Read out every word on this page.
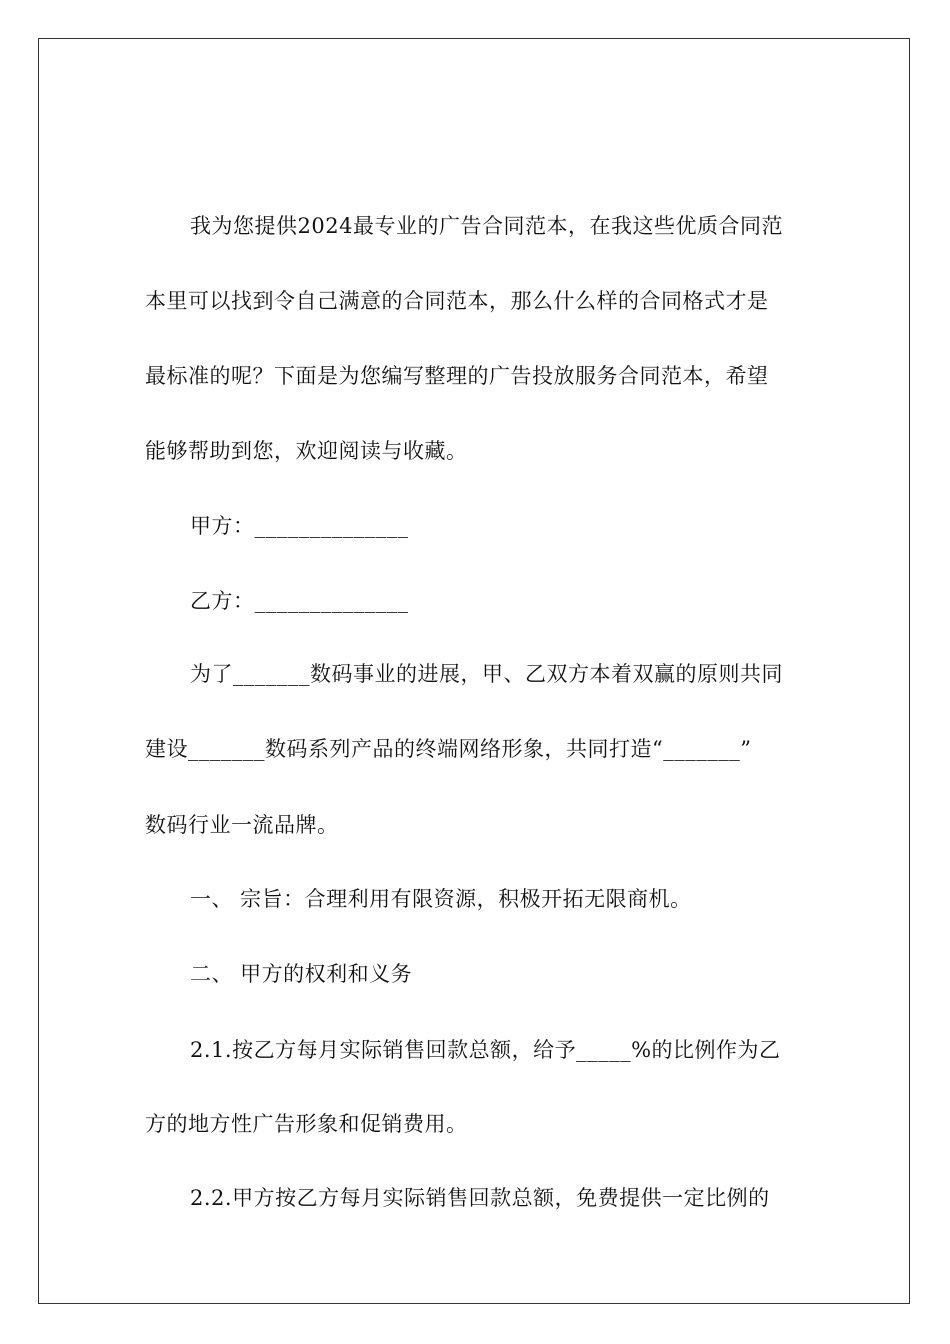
我为您提供2024最专业的广告合同范本，在我这些优质合同范
本里可以找到令自己满意的合同范本，那么什么样的合同格式才是
最标准的呢？下面是为您编写整理的广告投放服务合同范本，希望
能够帮助到您，欢迎阅读与收藏。
甲方：______________
乙方：______________
为了_______数码事业的进展，甲、乙双方本着双赢的原则共同
建设_______数码系列产品的终端网络形象，共同打造“_______”
数码行业一流品牌。
一、 宗旨：合理利用有限资源，积极开拓无限商机。
二、 甲方的权利和义务
2.1.按乙方每月实际销售回款总额，给予_____%的比例作为乙
方的地方性广告形象和促销费用。
2.2.甲方按乙方每月实际销售回款总额，免费提供一定比例的
